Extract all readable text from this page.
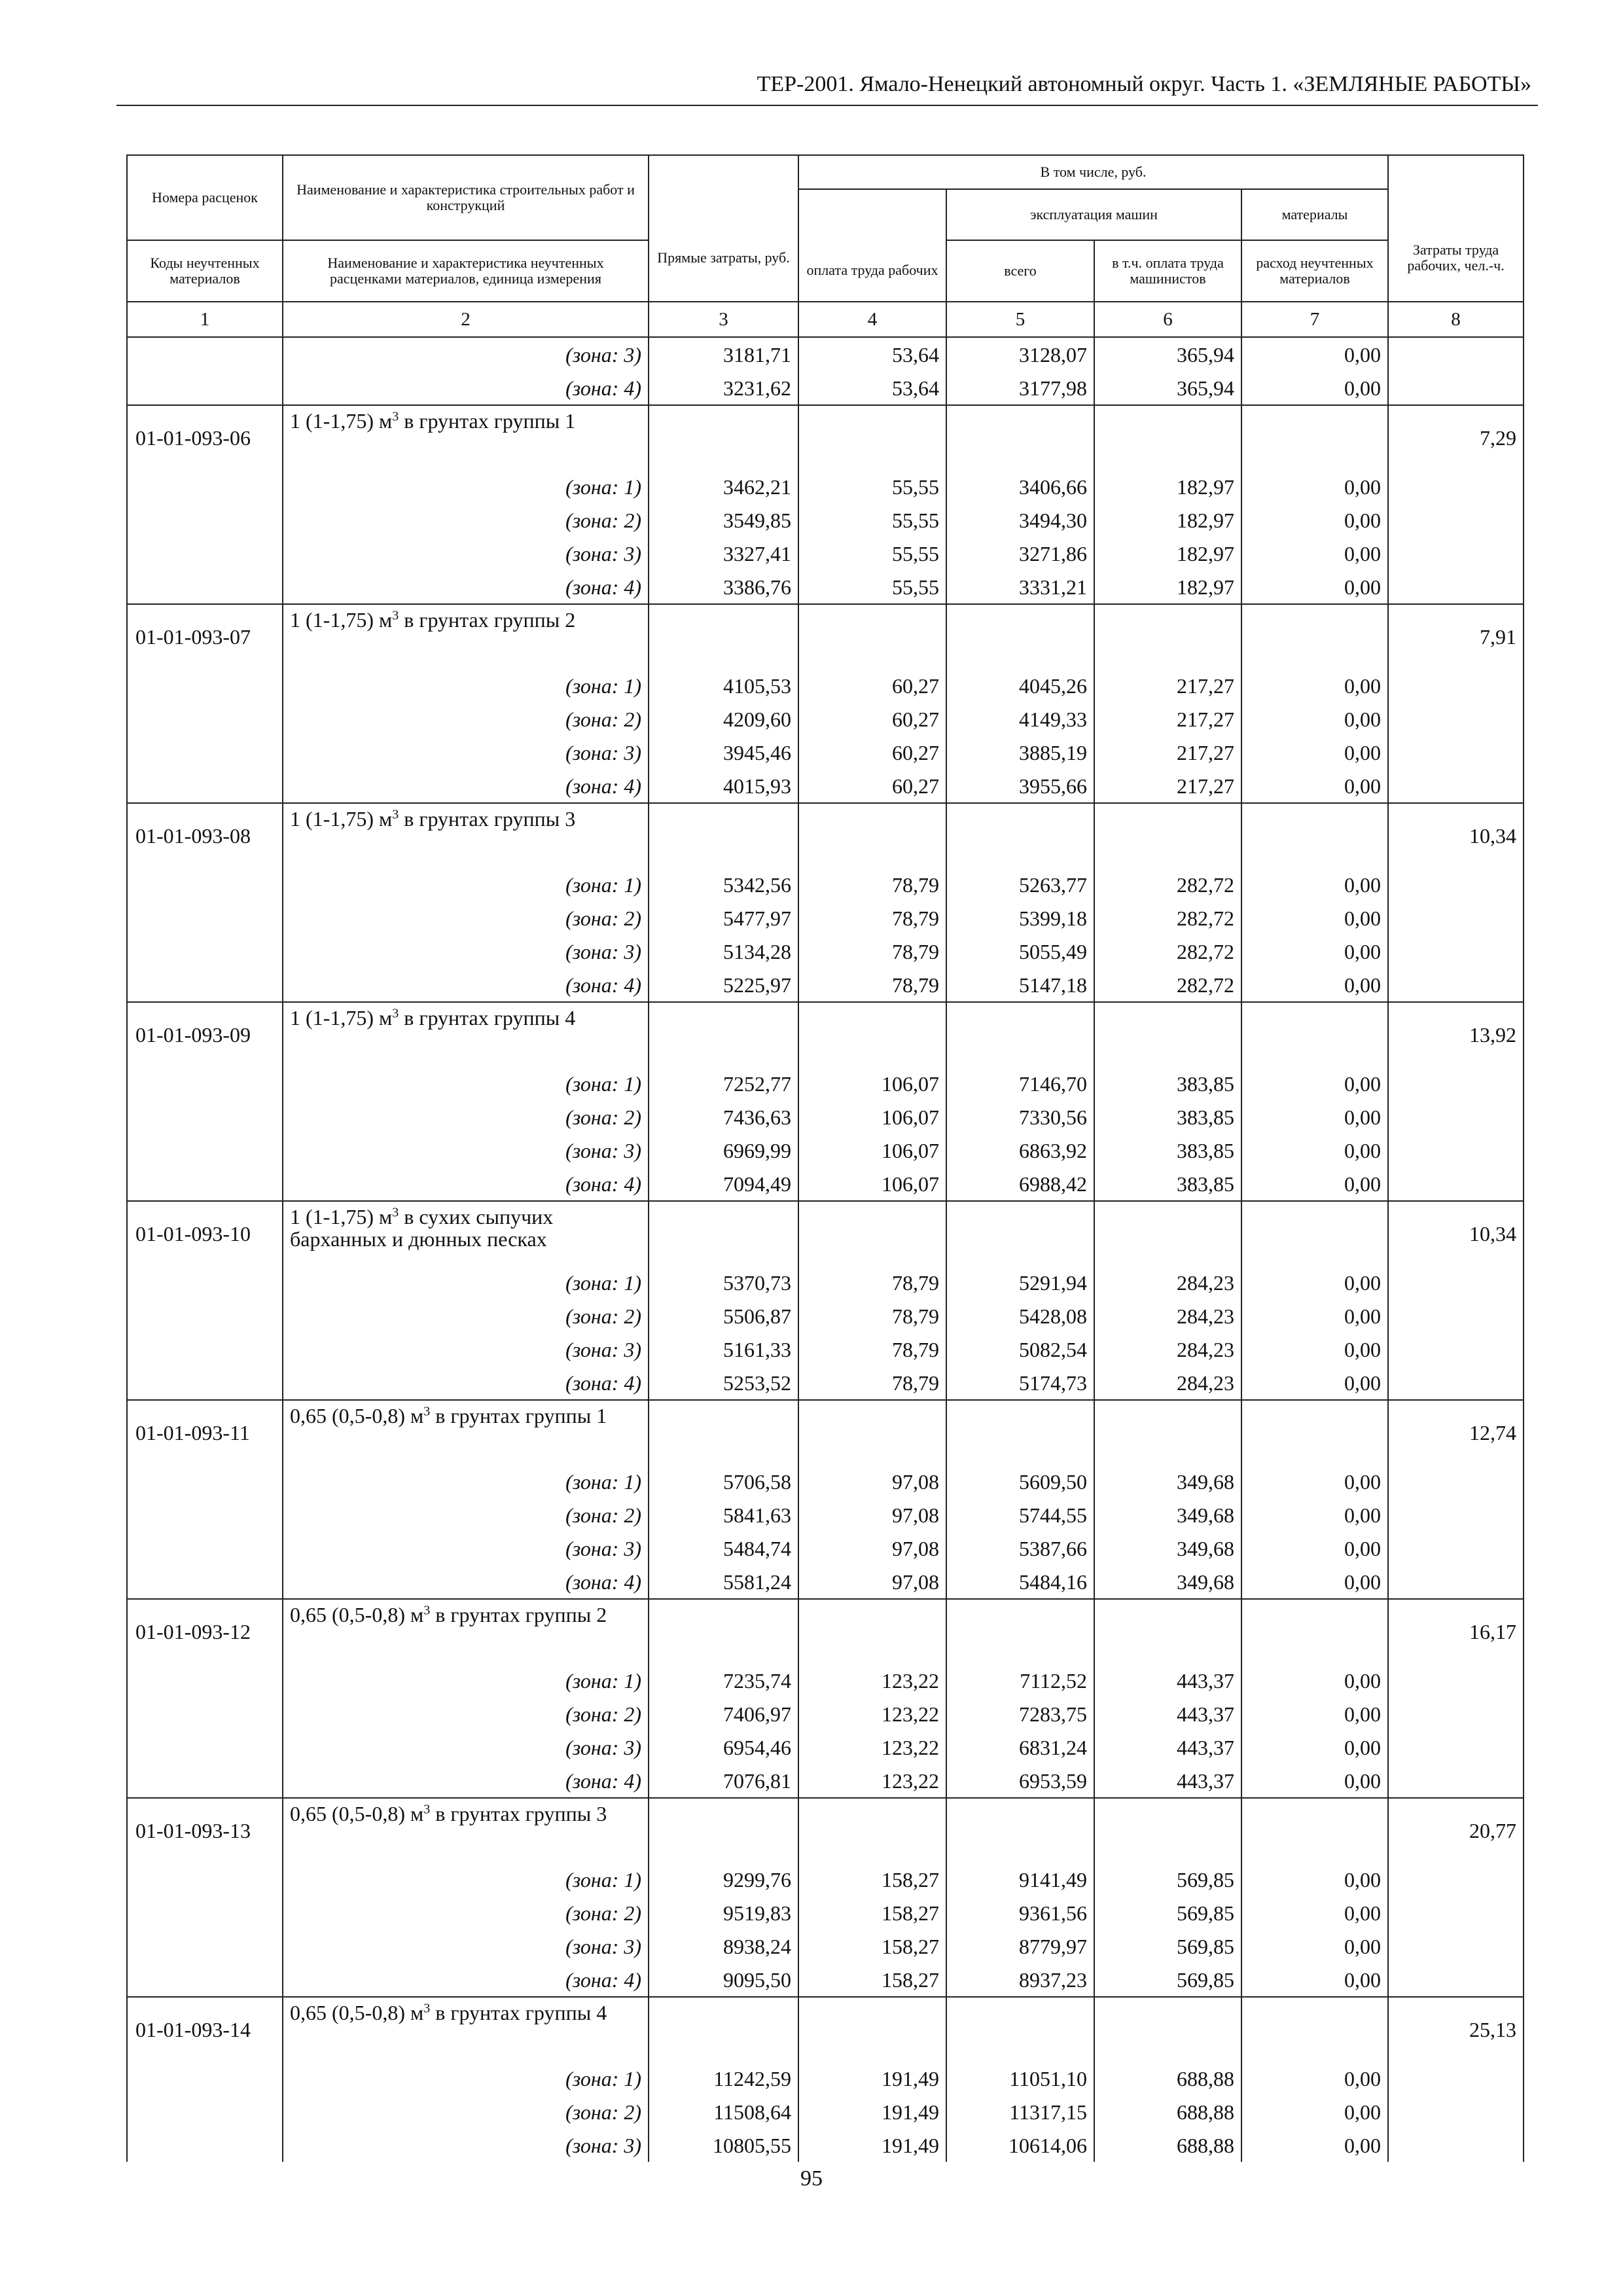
ТЕР-2001. Ямало-Ненецкий автономный округ. Часть 1. «ЗЕМЛЯНЫЕ РАБОТЫ»
Номера расценок	Наименование и характеристика строительных работ и конструкций	Прямые затраты, руб.	В том числе, руб.				Затраты труда рабочих, чел.-ч.

			оплата труда рабочих	эксплуатация машин		материалы	
Коды неучтенных материалов	Наименование и характеристика неучтенных расценками материалов, единица измерения			всего	в т.ч. оплата труда машинистов	расход неучтенных материалов	
1	2	3	4	5	6	7	8
	(зона: 3)	3181,71	53,64	3128,07	365,94	0,00	
	(зона: 4)	3231,62	53,64	3177,98	365,94	0,00	
01-01-093-06	1 (1-1,75) $м^3$ в грунтах группы 1						7,29
	(зона: 1)	3462,21	55,55	3406,66	182,97	0,00	
	(зона: 2)	3549,85	55,55	3494,30	182,97	0,00	
	(зона: 3)	3327,41	55,55	3271,86	182,97	0,00	
	(зона: 4)	3386,76	55,55	3331,21	182,97	0,00	
01-01-093-07	1 (1-1,75) $м^3$ в грунтах группы 2						7,91
	(зона: 1)	4105,53	60,27	4045,26	217,27	0,00	
	(зона: 2)	4209,60	60,27	4149,33	217,27	0,00	
	(зона: 3)	3945,46	60,27	3885,19	217,27	0,00	
	(зона: 4)	4015,93	60,27	3955,66	217,27	0,00	
01-01-093-08	1 (1-1,75) $м^3$ в грунтах группы 3						10,34
	(зона: 1)	5342,56	78,79	5263,77	282,72	0,00	
	(зона: 2)	5477,97	78,79	5399,18	282,72	0,00	
	(зона: 3)	5134,28	78,79	5055,49	282,72	0,00	
	(зона: 4)	5225,97	78,79	5147,18	282,72	0,00	
01-01-093-09	1 (1-1,75) $м^3$ в грунтах группы 4						13,92
	(зона: 1)	7252,77	106,07	7146,70	383,85	0,00	
	(зона: 2)	7436,63	106,07	7330,56	383,85	0,00	
	(зона: 3)	6969,99	106,07	6863,92	383,85	0,00	
	(зона: 4)	7094,49	106,07	6988,42	383,85	0,00	
01-01-093-10	1 (1-1,75) $м^3$ в сухих сыпучих барханных и дюнных песках						10,34
	(зона: 1)	5370,73	78,79	5291,94	284,23	0,00	
	(зона: 2)	5506,87	78,79	5428,08	284,23	0,00	
	(зона: 3)	5161,33	78,79	5082,54	284,23	0,00	
	(зона: 4)	5253,52	78,79	5174,73	284,23	0,00	
01-01-093-11	0,65 (0,5-0,8) $м^3$ в грунтах группы 1						12,74
	(зона: 1)	5706,58	97,08	5609,50	349,68	0,00	
	(зона: 2)	5841,63	97,08	5744,55	349,68	0,00	
	(зона: 3)	5484,74	97,08	5387,66	349,68	0,00	
	(зона: 4)	5581,24	97,08	5484,16	349,68	0,00	
01-01-093-12	0,65 (0,5-0,8) $м^3$ в грунтах группы 2						16,17
	(зона: 1)	7235,74	123,22	7112,52	443,37	0,00	
	(зона: 2)	7406,97	123,22	7283,75	443,37	0,00	
	(зона: 3)	6954,46	123,22	6831,24	443,37	0,00	
	(зона: 4)	7076,81	123,22	6953,59	443,37	0,00	
01-01-093-13	0,65 (0,5-0,8) $м^3$ в грунтах группы 3						20,77
	(зона: 1)	9299,76	158,27	9141,49	569,85	0,00	
	(зона: 2)	9519,83	158,27	9361,56	569,85	0,00	
	(зона: 3)	8938,24	158,27	8779,97	569,85	0,00	
	(зона: 4)	9095,50	158,27	8937,23	569,85	0,00	
01-01-093-14	0,65 (0,5-0,8) $м^3$ в грунтах группы 4						25,13
	(зона: 1)	11242,59	191,49	11051,10	688,88	0,00	
	(зона: 2)	11508,64	191,49	11317,15	688,88	0,00	
	(зона: 3)	10805,55	191,49	10614,06	688,88	0,00	
95
